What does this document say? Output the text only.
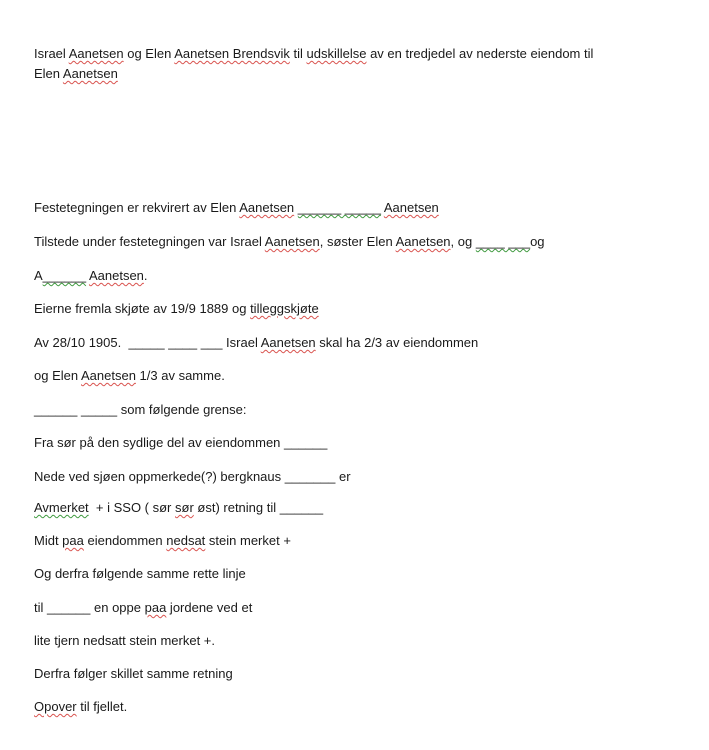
Israel Aanetsen og Elen Aanetsen Brendsvik til udskillelse av en tredjedel av nederste eiendom til
Elen Aanetsen
Festetegningen er rekvirert av Elen Aanetsen ______ _____ Aanetsen
Tilstede under festetegningen var Israel Aanetsen, søster Elen Aanetsen, og ____ ___og
A______ Aanetsen.
Eierne fremla skjøte av 19/9 1889 og tilleggskjøte
Av 28/10 1905.  _____ ____ ___ Israel Aanetsen skal ha 2/3 av eiendommen
og Elen Aanetsen 1/3 av samme.
______ _____ som følgende grense:
Fra sør på den sydlige del av eiendommen ______
Nede ved sjøen oppmerkede(?) bergknaus _______ er
Avmerket  + i SSO ( sør sør øst) retning til ______
Midt paa eiendommen nedsat stein merket +
Og derfra følgende samme rette linje
til ______ en oppe paa jordene ved et
lite tjern nedsatt stein merket +.
Derfra følger skillet samme retning
Opover til fjellet.
